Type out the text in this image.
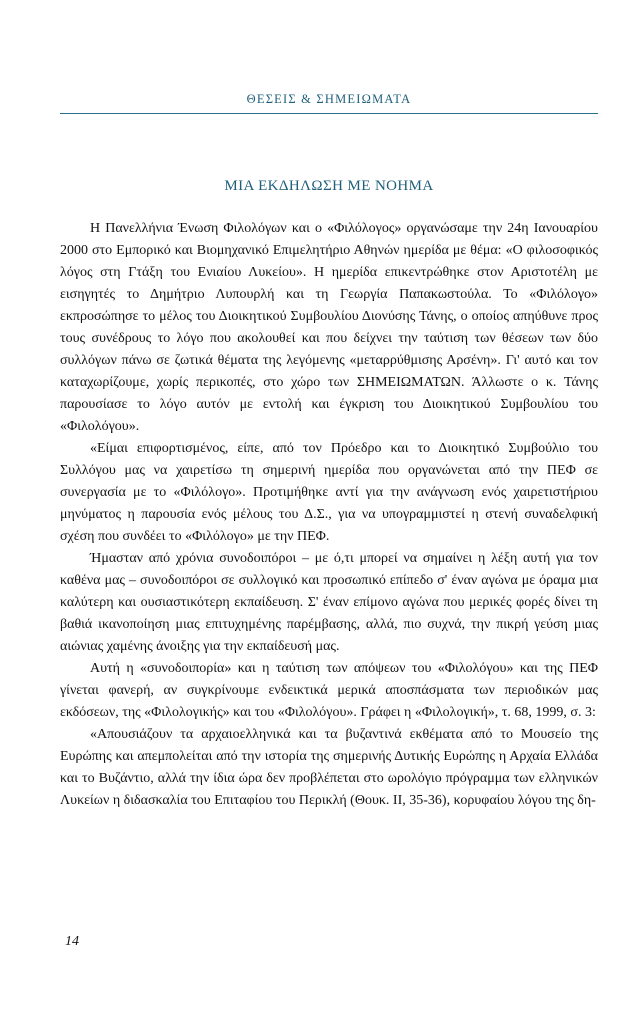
ΘΕΣΕΙΣ & ΣΗΜΕΙΩΜΑΤΑ
ΜΙΑ ΕΚΔΗΛΩΣΗ ΜΕ ΝΟΗΜΑ

Η Πανελλήνια Ένωση Φιλολόγων και ο «Φιλόλογος» οργανώσαμε την 24η Ιανουαρίου 2000 στο Εμπορικό και Βιομηχανικό Επιμελητήριο Αθηνών ημερίδα με θέμα: «Ο φιλοσοφικός λόγος στη Γτάξη του Ενιαίου Λυκείου». Η ημερίδα επικεντρώθηκε στον Αριστοτέλη με εισηγητές το Δημήτριο Λυπουρλή και τη Γεωργία Παπακωστούλα. Το «Φιλόλογο» εκπροσώπησε το μέλος του Διοικητικού Συμβουλίου Διονύσης Τάνης, ο οποίος απηύθυνε προς τους συνέδρους το λόγο που ακολουθεί και που δείχνει την ταύτιση των θέσεων των δύο συλλόγων πάνω σε ζωτικά θέματα της λεγόμενης «μεταρρύθμισης Αρσένη». Γι' αυτό και τον καταχωρίζουμε, χωρίς περικοπές, στο χώρο των ΣΗΜΕΙΩΜΑΤΩΝ. Άλλωστε ο κ. Τάνης παρουσίασε το λόγο αυτόν με εντολή και έγκριση του Διοικητικού Συμβουλίου του «Φιλολόγου».

«Είμαι επιφορτισμένος, είπε, από τον Πρόεδρο και το Διοικητικό Συμβούλιο του Συλλόγου μας να χαιρετίσω τη σημερινή ημερίδα που οργανώνεται από την ΠΕΦ σε συνεργασία με το «Φιλόλογο». Προτιμήθηκε αντί για την ανάγνωση ενός χαιρετιστήριου μηνύματος η παρουσία ενός μέλους του Δ.Σ., για να υπογραμμιστεί η στενή συναδελφική σχέση που συνδέει το «Φιλόλογο» με την ΠΕΦ.

Ήμασταν από χρόνια συνοδοιπόροι – με ό,τι μπορεί να σημαίνει η λέξη αυτή για τον καθένα μας – συνοδοιπόροι σε συλλογικό και προσωπικό επίπεδο σ' έναν αγώνα με όραμα μια καλύτερη και ουσιαστικότερη εκπαίδευση. Σ' έναν επίμονο αγώνα που μερικές φορές δίνει τη βαθιά ικανοποίηση μιας επιτυχημένης παρέμβασης, αλλά, πιο συχνά, την πικρή γεύση μιας αιώνιας χαμένης άνοιξης για την εκπαίδευσή μας.

Αυτή η «συνοδοιπορία» και η ταύτιση των απόψεων του «Φιλολόγου» και της ΠΕΦ γίνεται φανερή, αν συγκρίνουμε ενδεικτικά μερικά αποσπάσματα των περιοδικών μας εκδόσεων, της «Φιλολογικής» και του «Φιλολόγου». Γράφει η «Φιλολογική», τ. 68, 1999, σ. 3:

«Απουσιάζουν τα αρχαιοελληνικά και τα βυζαντινά εκθέματα από το Μουσείο της Ευρώπης και απεμπολείται από την ιστορία της σημερινής Δυτικής Ευρώπης η Αρχαία Ελλάδα και το Βυζάντιο, αλλά την ίδια ώρα δεν προβλέπεται στο ωρολόγιο πρόγραμμα των ελληνικών Λυκείων η διδασκαλία του Επιταφίου του Περικλή (Θουκ. ΙΙ, 35-36), κορυφαίου λόγου της δη-

14
